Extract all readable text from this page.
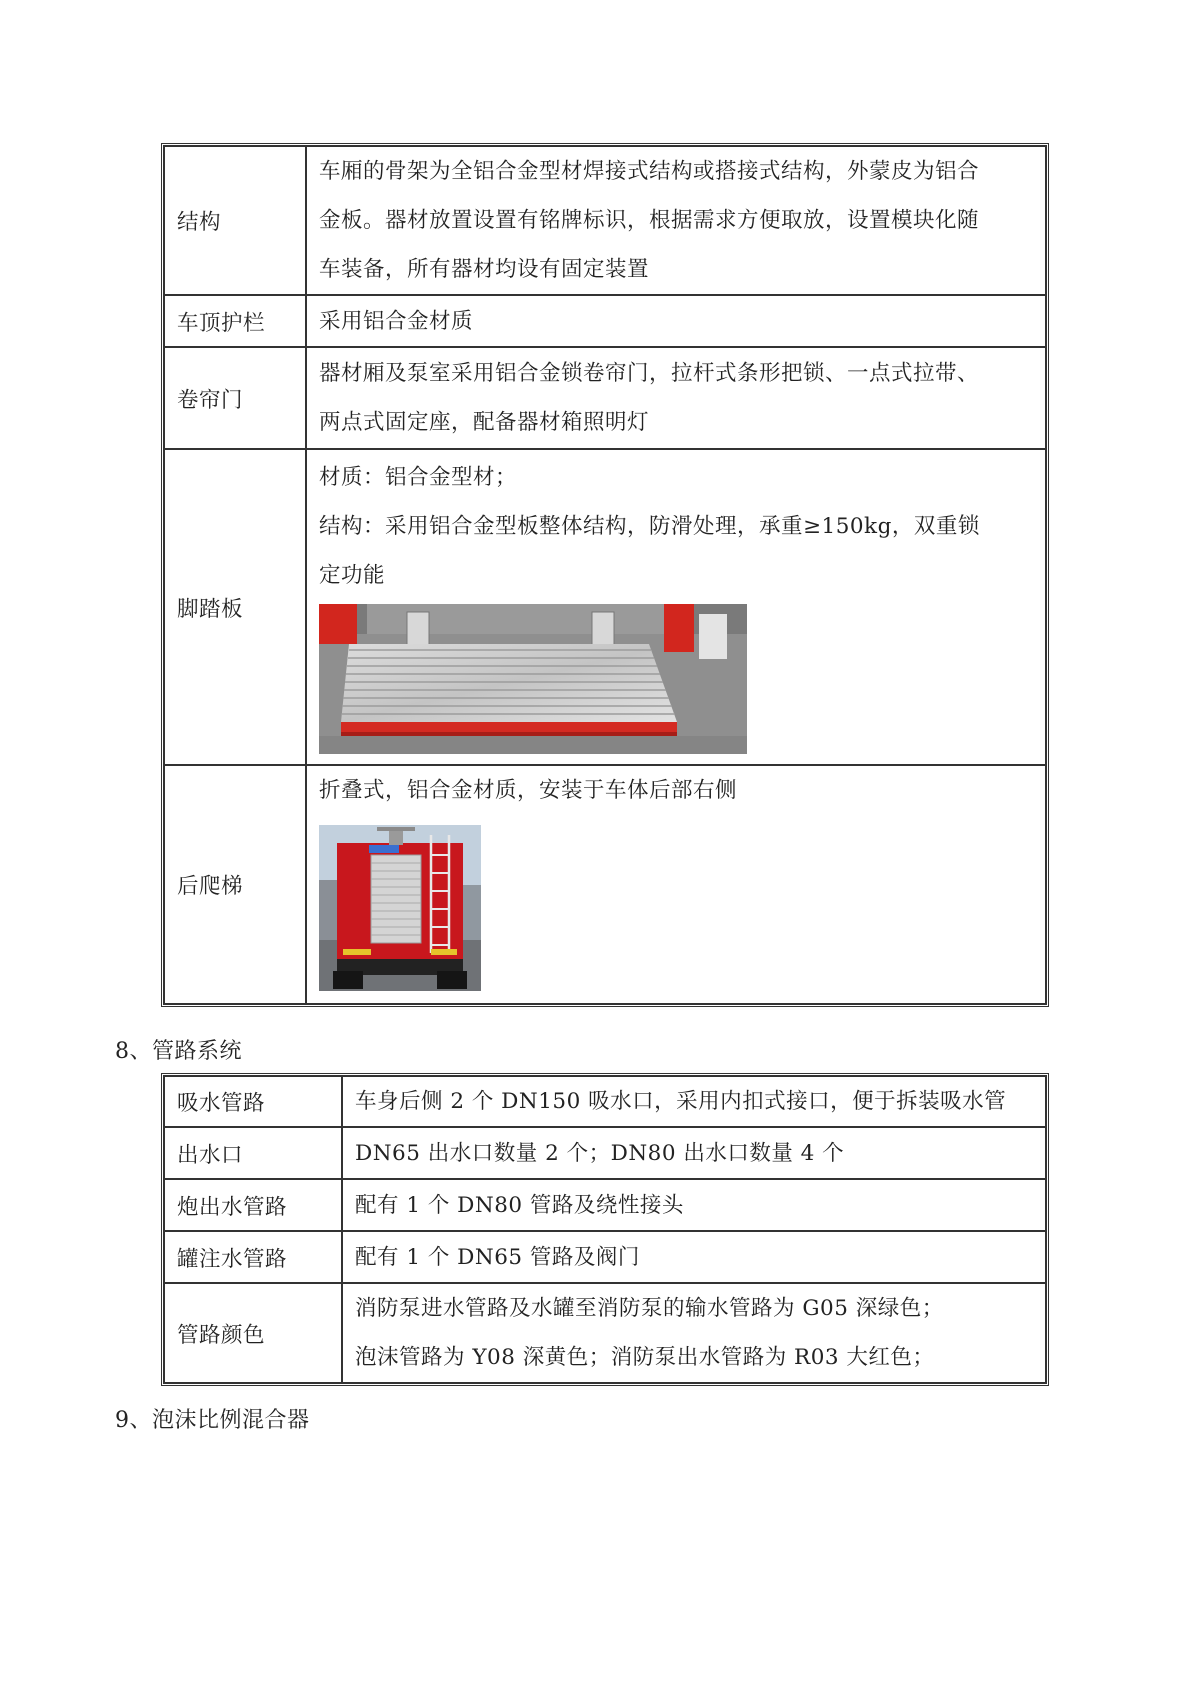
结构	车厢的骨架为全铝合金型材焊接式结构或搭接式结构，外蒙皮为铝合
金板。器材放置设置有铭牌标识，根据需求方便取放，设置模块化随
车装备，所有器材均设有固定装置

车顶护栏	采用铝合金材质

卷帘门	器材厢及泵室采用铝合金锁卷帘门，拉杆式条形把锁、一点式拉带、
两点式固定座，配备器材箱照明灯

脚踏板	材质：铝合金型材；
结构：采用铝合金型板整体结构，防滑处理，承重≥150kg，双重锁
定功能

后爬梯	折叠式，铝合金材质，安装于车体后部右侧
8、管路系统
吸水管路	车身后侧 2 个 DN150 吸水口，采用内扣式接口，便于拆装吸水管

出水口	DN65 出水口数量 2 个；DN80 出水口数量 4 个

炮出水管路	配有 1 个 DN80 管路及绕性接头

罐注水管路	配有 1 个 DN65 管路及阀门

管路颜色	消防泵进水管路及水罐至消防泵的输水管路为 G05 深绿色；
泡沫管路为 Y08 深黄色；消防泵出水管路为 R03 大红色；
9、泡沫比例混合器
